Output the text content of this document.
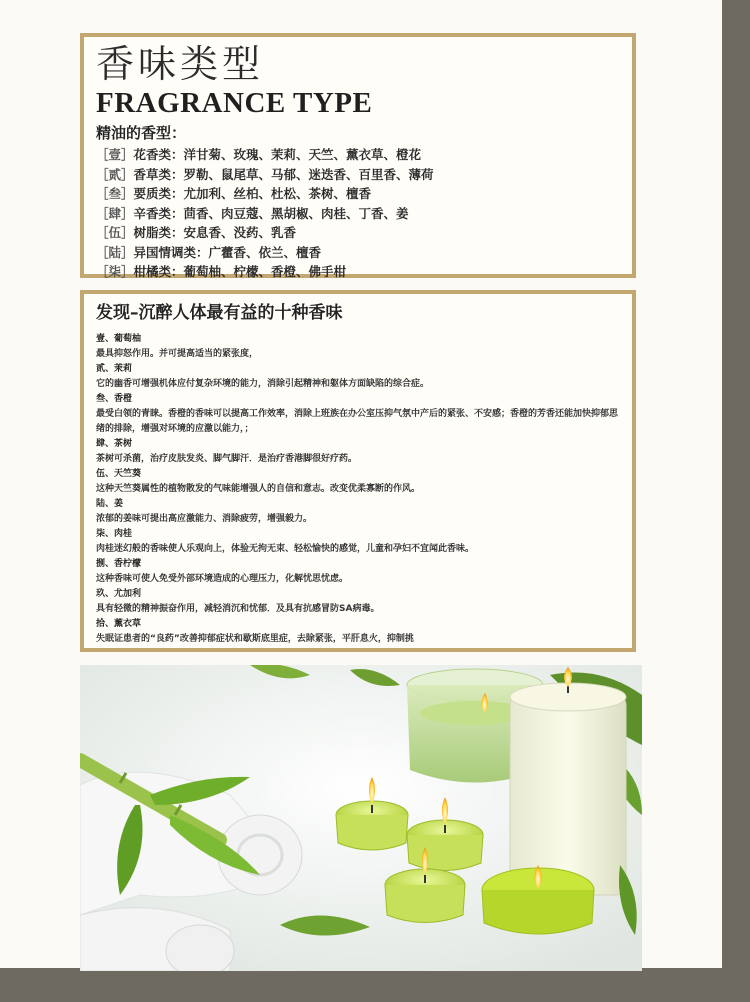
香味类型
FRAGRANCE TYPE
精油的香型：
［壹］花香类：洋甘菊、玫瑰、茉莉、天竺、薰衣草、橙花
［贰］香草类：罗勒、鼠尾草、马郁、迷迭香、百里香、薄荷
［叁］要质类：尤加利、丝柏、杜松、茶树、檀香
［肆］辛香类：茴香、肉豆蔻、黑胡椒、肉桂、丁香、姜
［伍］树脂类：安息香、没药、乳香
［陆］异国情调类：广藿香、依兰、檀香
［柒］柑橘类：葡萄柚、柠檬、香橙、佛手柑
发现–沉醉人体最有益的十种香味
壹、葡萄柚
最具抑怒作用。并可提高适当的紧张度，
贰、茉莉
它的幽香可增强机体应付复杂环境的能力，消除引起精神和躯体方面缺陷的综合症。
叁、香橙
最受白领的青睐。香橙的香味可以提高工作效率，消除上班族在办公室压抑气氛中产后的紧张、不安感；香橙的芳香还能加快抑郁思绪的排除，增强对环境的应激以能力，；
肆、茶树
茶树可杀菌，治疗皮肤发炎、脚气脚汗．是治疗香港脚很好疗药。
伍、天竺葵
这种天竺葵属性的植物散发的气味能增强人的自信和意志。改变优柔寡断的作风。
陆、姜
浓郁的姜味可提出高应激能力、消除疲劳，增强毅力。
柒、肉桂
肉桂迷幻般的香味使人乐观向上，体验无拘无束、轻松愉快的感觉，儿童和孕妇不宜闻此香味。
捌、香柠檬
这种香味可使人免受外部环境造成的心理压力，化解忧思忧虑。
玖、尤加利
具有轻微的精神振奋作用，减轻消沉和忧郁．及具有抗感冒防SA病毒。
拾、薰衣草
失眠证患者的“良药”改善抑郁症状和歇斯底里症，去除紧张，平肝息火，抑制挑
